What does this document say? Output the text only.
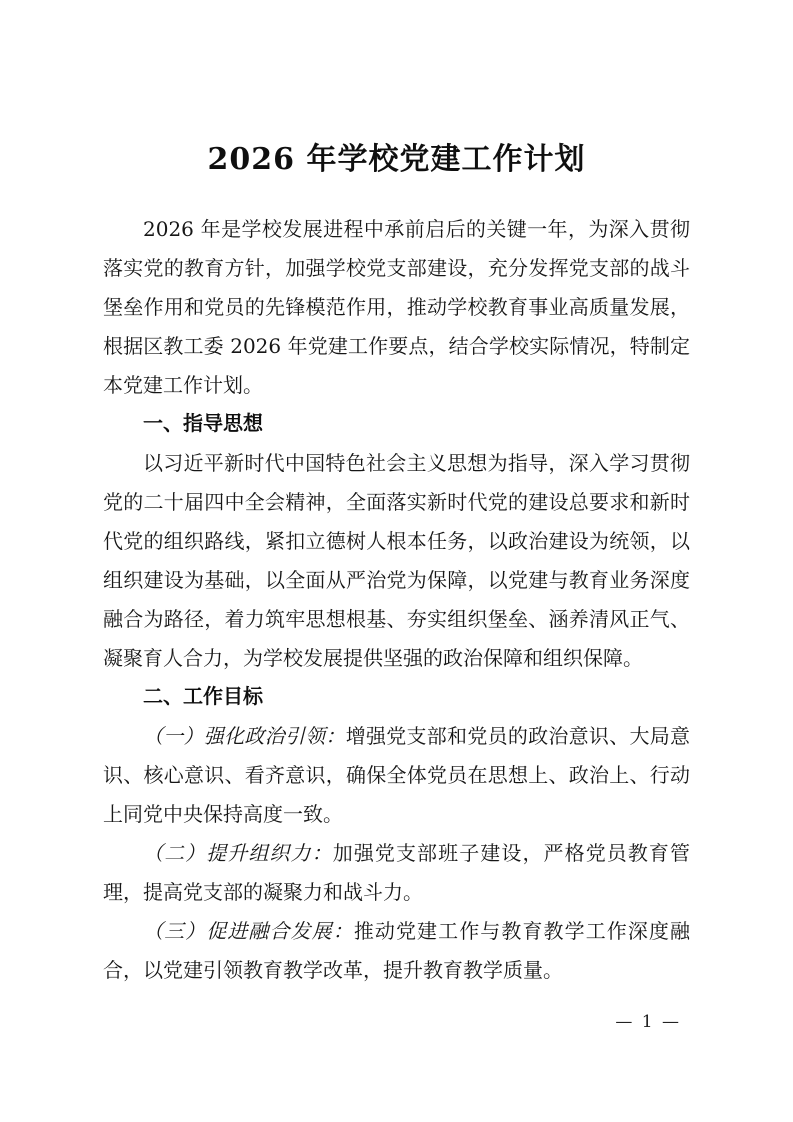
2026 年学校党建工作计划

2026 年是学校发展进程中承前启后的关键一年，为深入贯彻落实党的教育方针，加强学校党支部建设，充分发挥党支部的战斗堡垒作用和党员的先锋模范作用，推动学校教育事业高质量发展，根据区教工委 2026 年党建工作要点，结合学校实际情况，特制定本党建工作计划。

一、指导思想

以习近平新时代中国特色社会主义思想为指导，深入学习贯彻党的二十届四中全会精神，全面落实新时代党的建设总要求和新时代党的组织路线，紧扣立德树人根本任务，以政治建设为统领，以组织建设为基础，以全面从严治党为保障，以党建与教育业务深度融合为路径，着力筑牢思想根基、夯实组织堡垒、涵养清风正气、凝聚育人合力，为学校发展提供坚强的政治保障和组织保障。

二、工作目标

（一）强化政治引领：增强党支部和党员的政治意识、大局意识、核心意识、看齐意识，确保全体党员在思想上、政治上、行动上同党中央保持高度一致。

（二）提升组织力：加强党支部班子建设，严格党员教育管理，提高党支部的凝聚力和战斗力。

（三）促进融合发展：推动党建工作与教育教学工作深度融合，以党建引领教育教学改革，提升教育教学质量。

— 1 —
